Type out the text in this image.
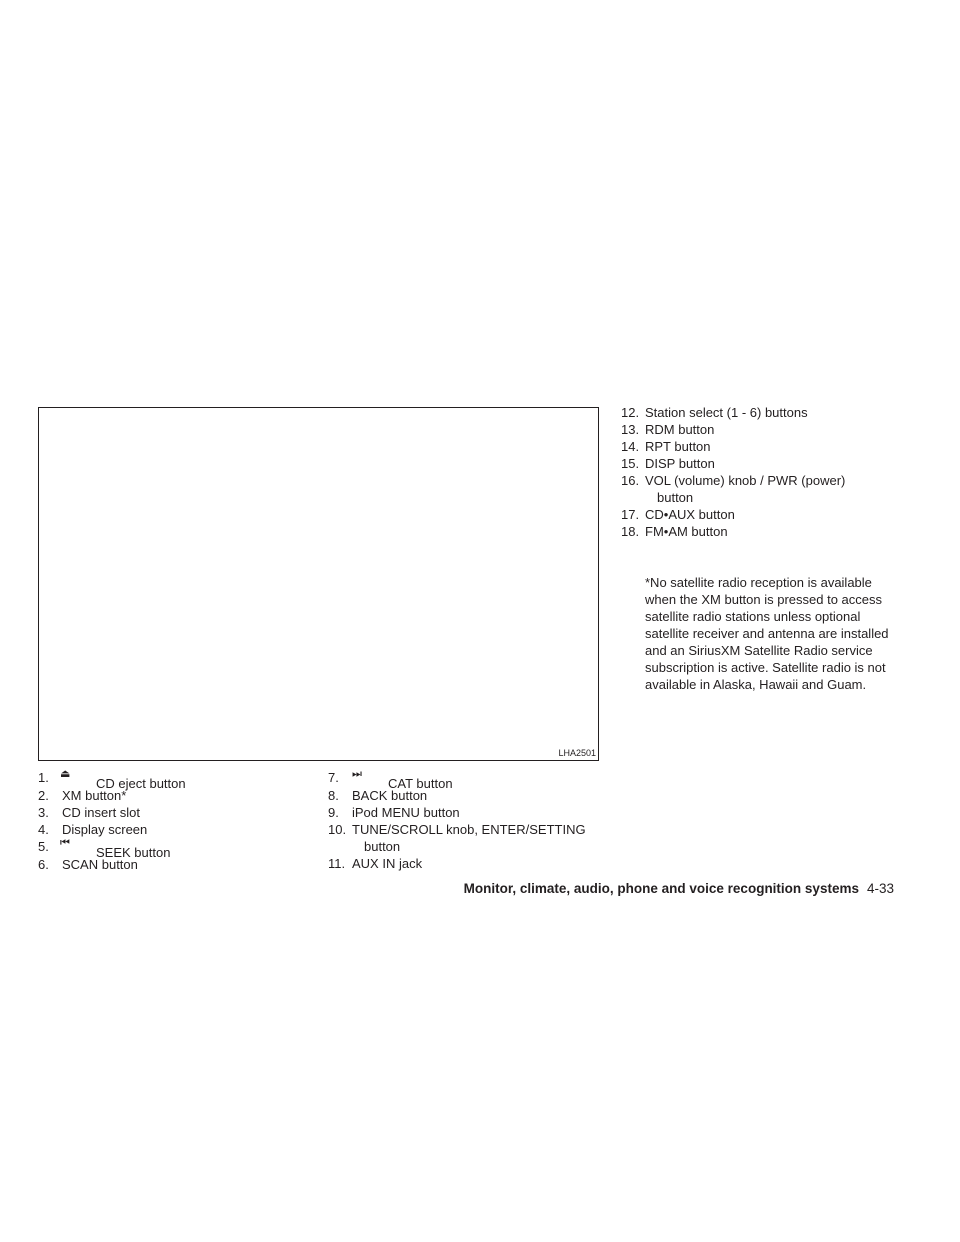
LHA2501
1. ⏏
CD eject button
2. XM button*
3. CD insert slot
4. Display screen
5. ⏮
SEEK button
6. SCAN button
7. ⏭
CAT button
8. BACK button
9. iPod MENU button
10. TUNE/SCROLL knob, ENTER/SETTING
button
11. AUX IN jack
12. Station select (1 - 6) buttons
13. RDM button
14. RPT button
15. DISP button
16. VOL (volume) knob / PWR (power)
button
17. CD•AUX button
18. FM•AM button

*No satellite radio reception is available when the XM button is pressed to access satellite radio stations unless optional satellite receiver and antenna are installed and an SiriusXM Satellite Radio service subscription is active. Satellite radio is not available in Alaska, Hawaii and Guam.

Monitor, climate, audio, phone and voice recognition systems 4-33
